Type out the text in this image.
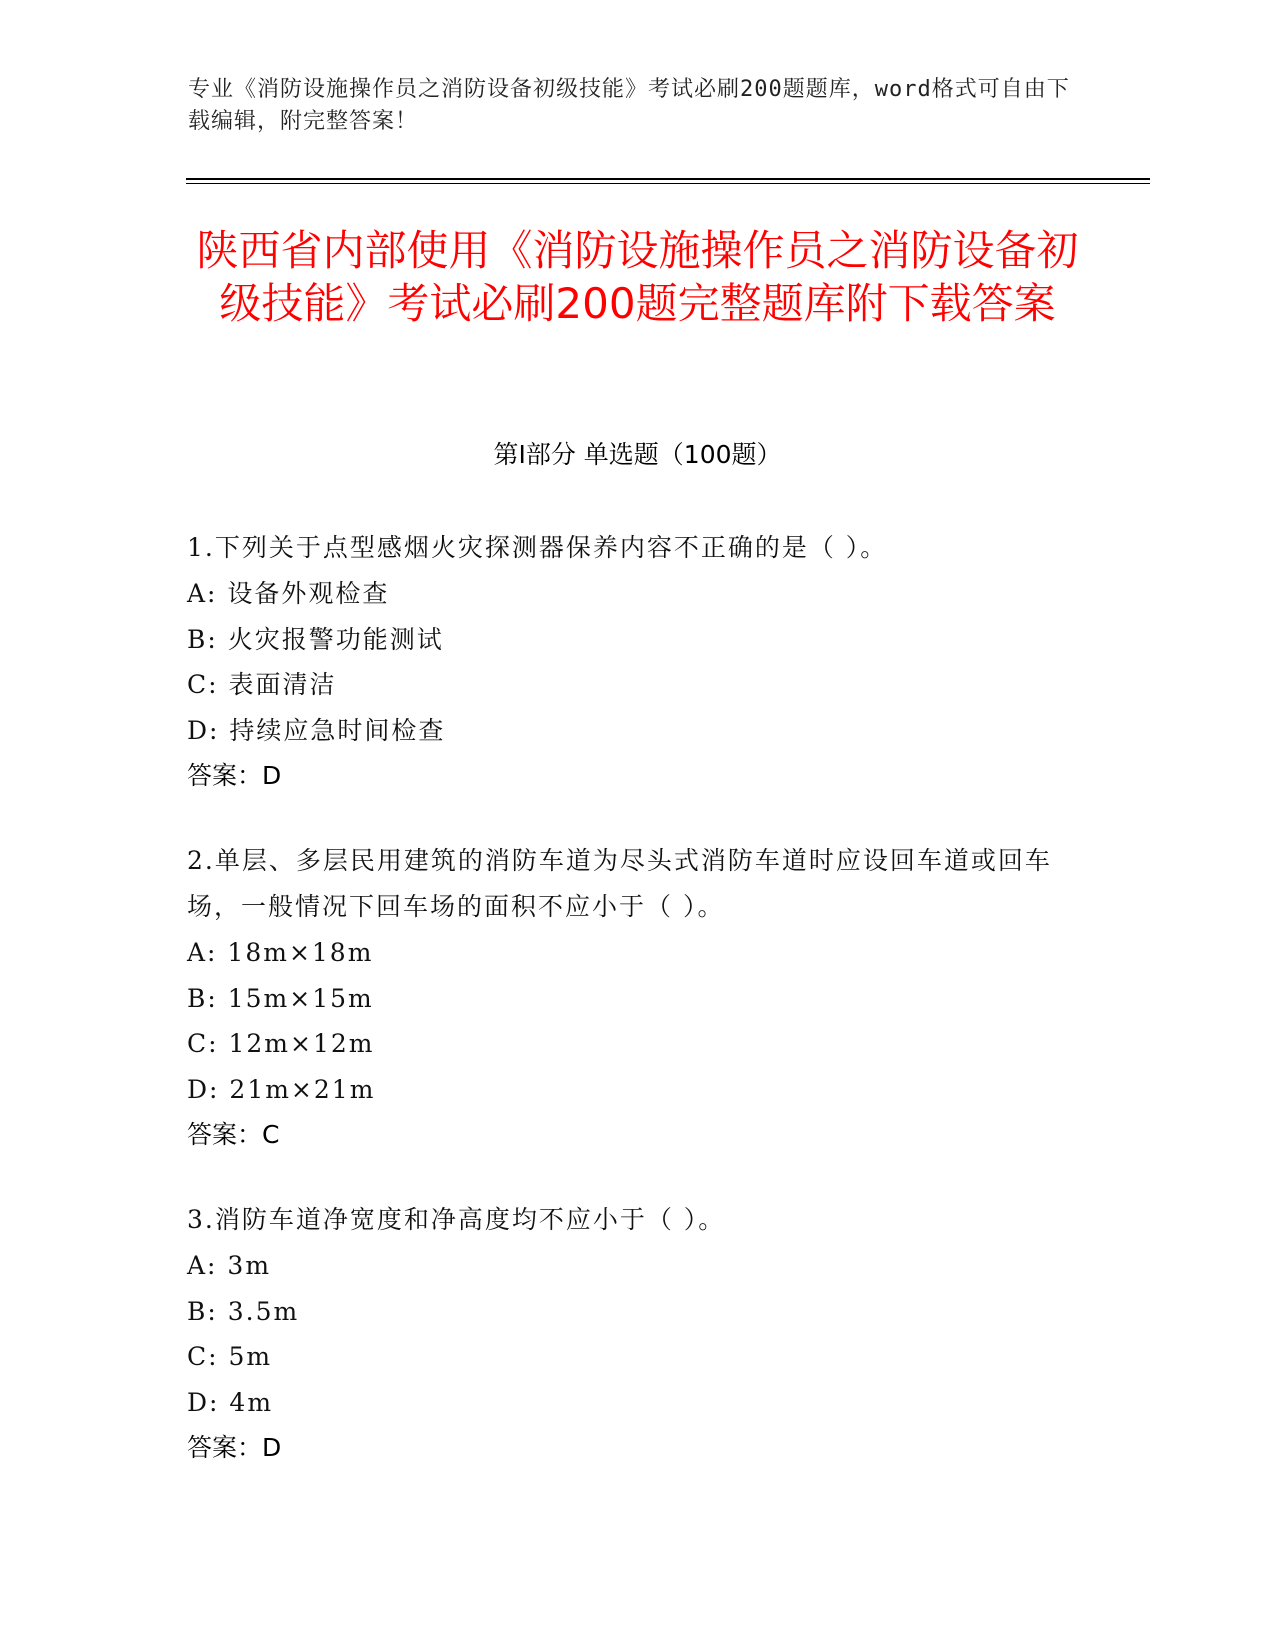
专业《消防设施操作员之消防设备初级技能》考试必刷200题题库，word格式可自由下载编辑，附完整答案！
陕西省内部使用《消防设施操作员之消防设备初级技能》考试必刷200题完整题库附下载答案
第I部分 单选题（100题）

1.下列关于点型感烟火灾探测器保养内容不正确的是（ ）。

A: 设备外观检查

B: 火灾报警功能测试

C: 表面清洁

D: 持续应急时间检查

答案：D

2.单层、多层民用建筑的消防车道为尽头式消防车道时应设回车道或回车场，一般情况下回车场的面积不应小于（ ）。

A: 18m×18m

B: 15m×15m

C: 12m×12m

D: 21m×21m

答案：C

3.消防车道净宽度和净高度均不应小于（ ）。

A: 3m

B: 3.5m

C: 5m

D: 4m

答案：D
